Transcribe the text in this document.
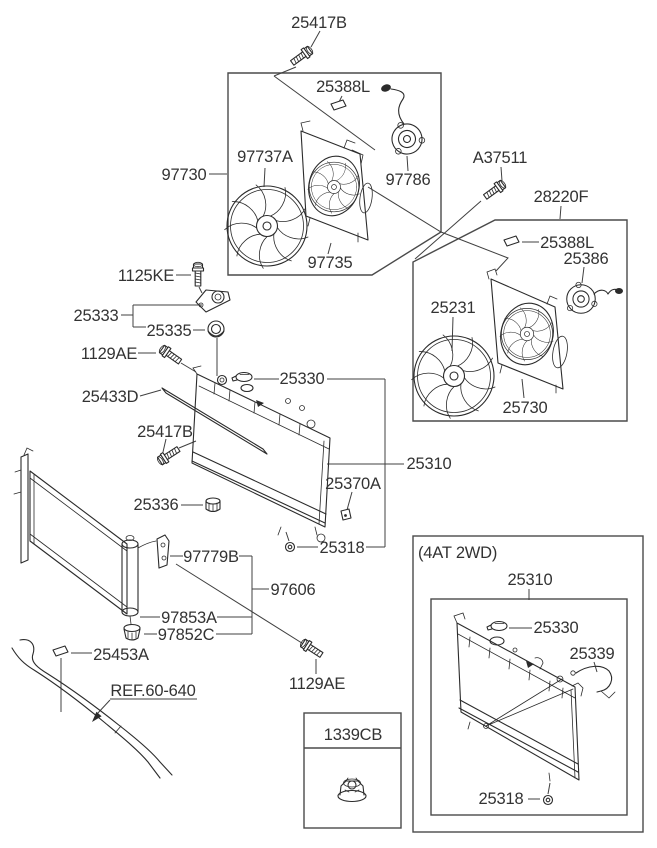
25417B
25388L
97737A
97730
97735
97786
A37511
28220F
25388L
25386
25231
25730
1125KE
25333
25335
1129AE
25433D
25330
25417B
25310
25370A
25336
25318
97779B
97606
97853A
97852C
25453A
REF.60-640	1129AE
1339CB
(4AT 2WD)
25310
25330
25339
25318
